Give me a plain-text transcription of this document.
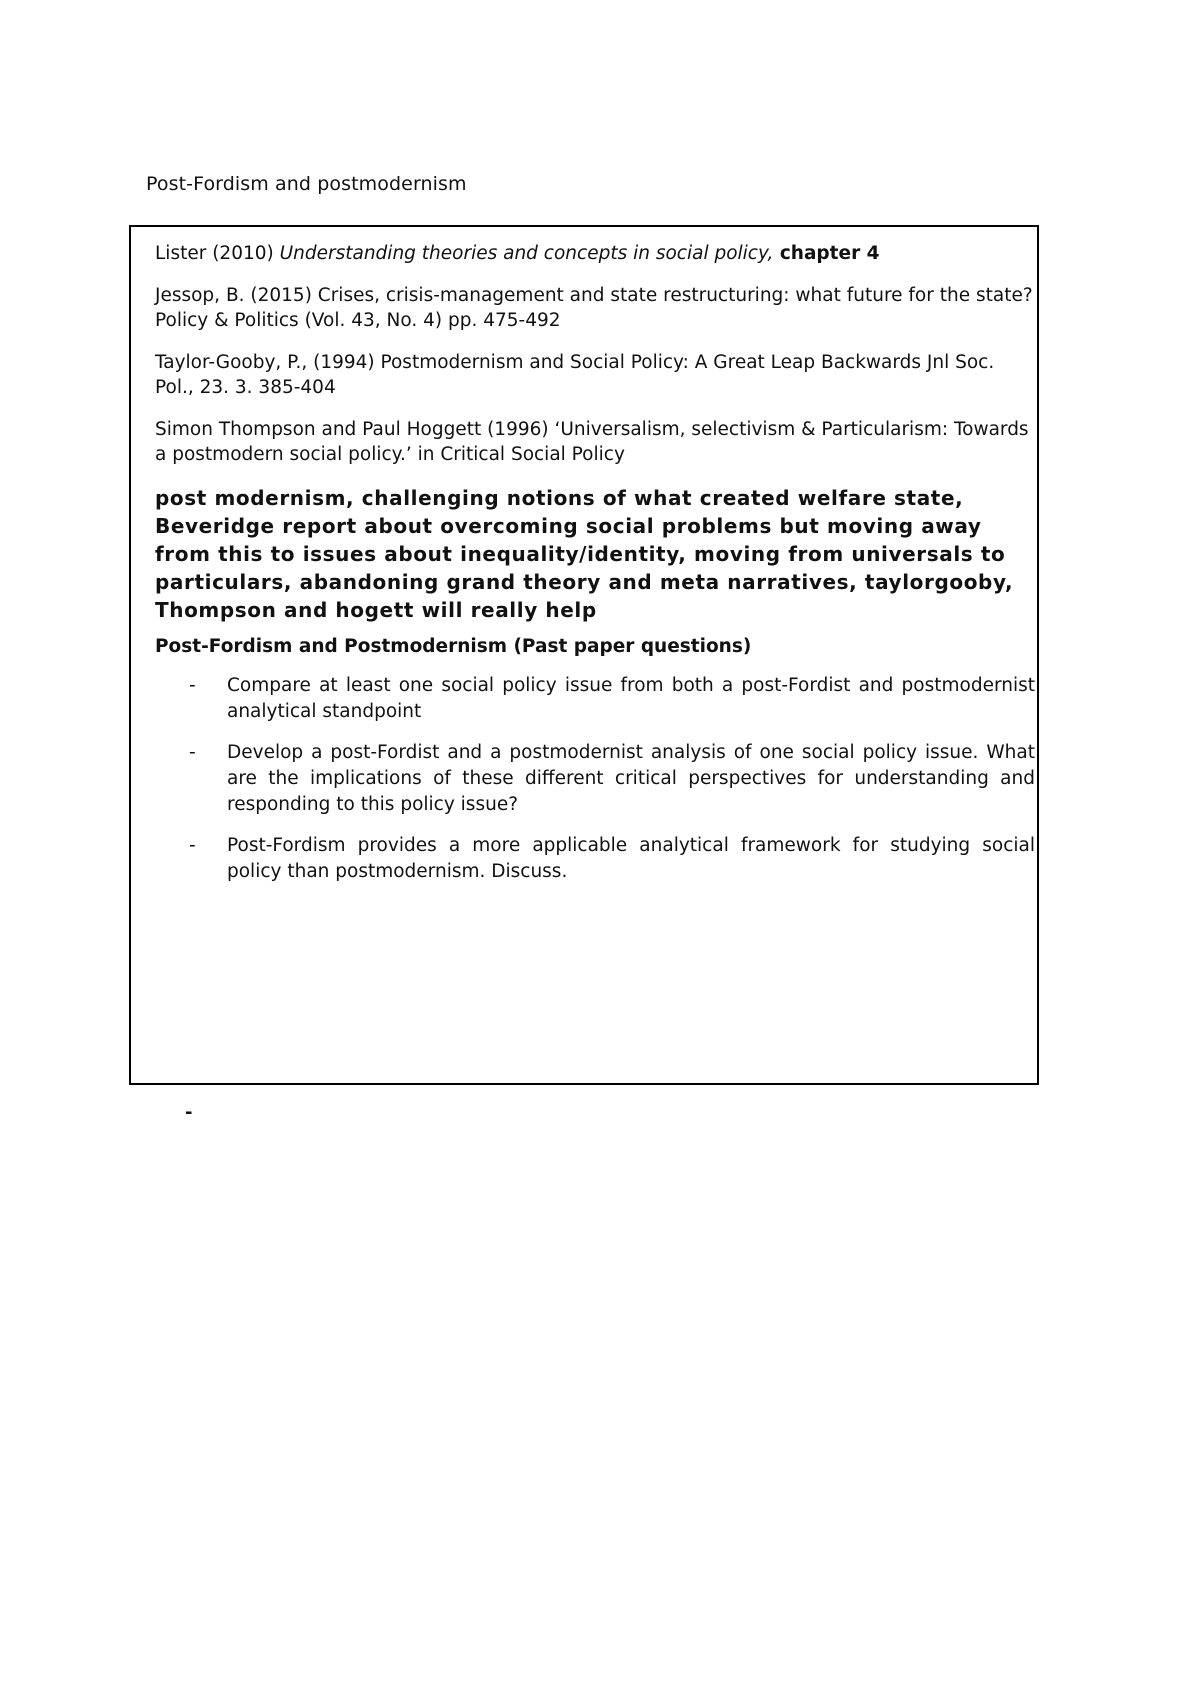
Post-Fordism and postmodernism

Lister (2010) Understanding theories and concepts in social policy, chapter 4

Jessop, B. (2015) Crises, crisis-management and state restructuring: what future for the state? Policy & Politics (Vol. 43, No. 4) pp. 475-492

Taylor-Gooby, P., (1994) Postmodernism and Social Policy: A Great Leap Backwards Jnl Soc. Pol., 23. 3. 385-404

Simon Thompson and Paul Hoggett (1996) ‘Universalism, selectivism & Particularism: Towards a postmodern social policy.’ in Critical Social Policy

post modernism, challenging notions of what created welfare state, Beveridge report about overcoming social problems but moving away from this to issues about inequality/identity, moving from universals to particulars, abandoning grand theory and meta narratives, taylorgooby, Thompson and hogett will really help

Post-Fordism and Postmodernism (Past paper questions)

- Compare at least one social policy issue from both a post-Fordist and postmodernist analytical standpoint
- Develop a post-Fordist and a postmodernist analysis of one social policy issue. What are the implications of these different critical perspectives for understanding and responding to this policy issue?
- Post-Fordism provides a more applicable analytical framework for studying social policy than postmodernism. Discuss.
-
